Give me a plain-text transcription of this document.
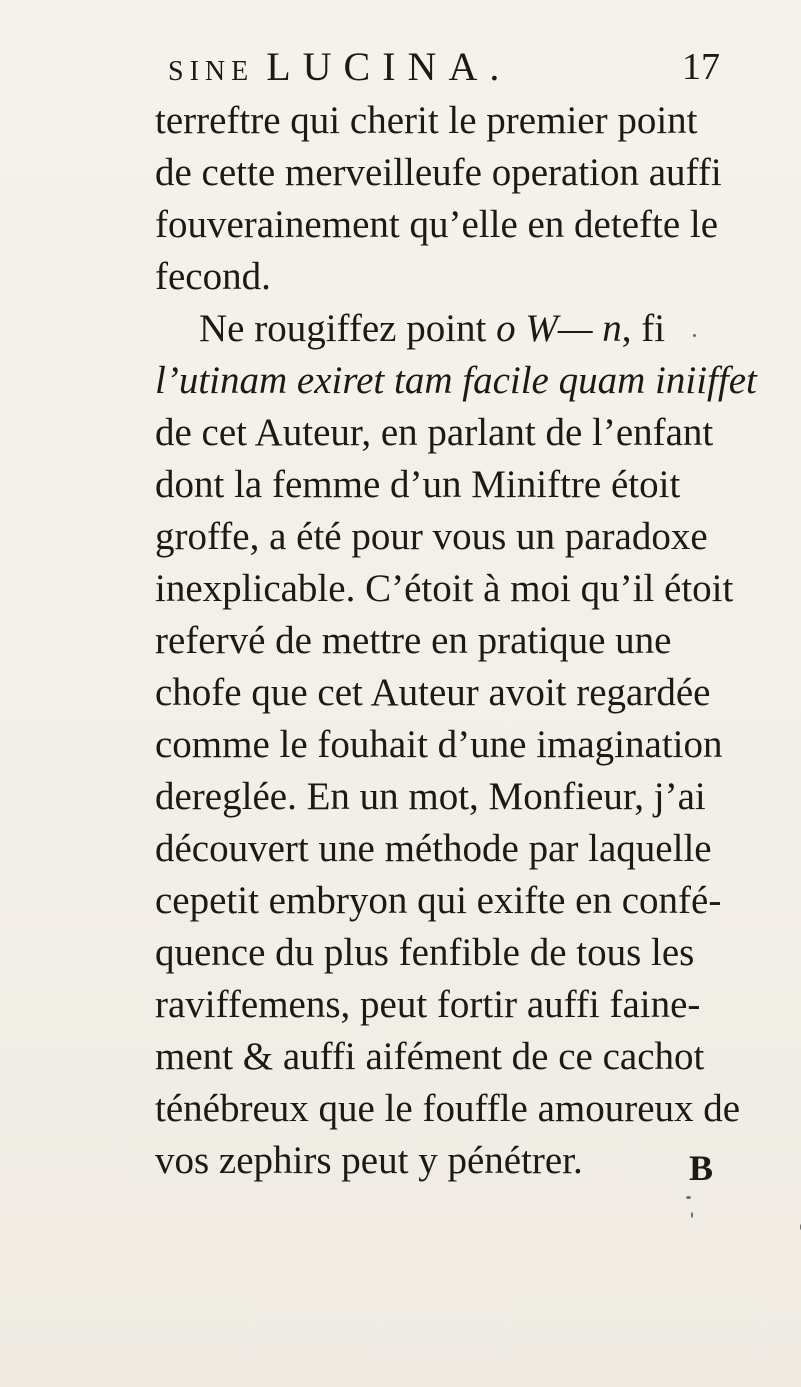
SINE LUCINA.	17
terreftre qui cherit le premier point
de cette merveilleufe operation auffi
fouverainement qu’elle en detefte le
fecond.
Ne rougiffez point o W— n, fi
l’utinam exiret tam facile quam iniiffet
de cet Auteur, en parlant de l’enfant
dont la femme d’un Miniftre étoit
groffe, a été pour vous un paradoxe
inexplicable. C’étoit à moi qu’il étoit
refervé de mettre en pratique une
chofe que cet Auteur avoit regardée
comme le fouhait d’une imagination
dereglée. En un mot, Monfieur, j’ai
découvert une méthode par laquelle
cepetit embryon qui exifte en confé-
quence du plus fenfible de tous les
raviffemens, peut fortir auffi faine-
ment & auffi aifément de ce cachot
ténébreux que le fouffle amoureux de
vos zephirs peut y pénétrer.	B
